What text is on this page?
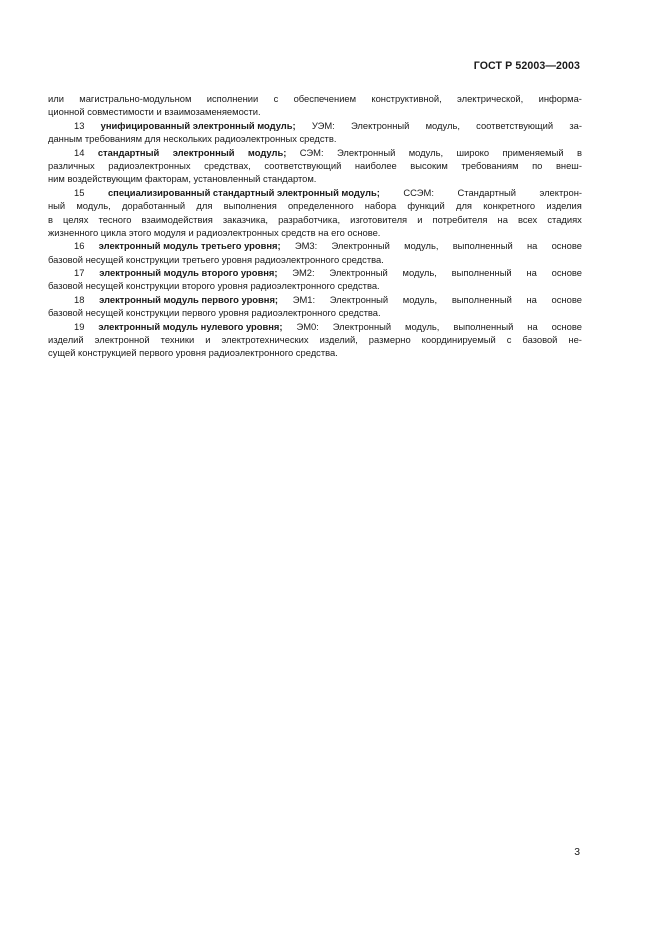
ГОСТ Р 52003—2003
или магистрально-модульном исполнении с обеспечением конструктивной, электрической, информа-
ционной совместимости и взаимозаменяемости.
13 унифицированный электронный модуль; УЭМ: Электронный модуль, соответствующий за-
данным требованиям для нескольких радиоэлектронных средств.
14 стандартный электронный модуль; СЭМ: Электронный модуль, широко применяемый в
различных радиоэлектронных средствах, соответствующий наиболее высоким требованиям по внеш-
ним воздействующим факторам, установленный стандартом.
15	специализированный стандартный электронный модуль;	ССЭМ:	Стандартный	электрон-
ный модуль, доработанный для выполнения определенного набора функций для конкретного изделия
в целях тесного взаимодействия заказчика, разработчика, изготовителя и потребителя на всех стадиях
жизненного цикла этого модуля и радиоэлектронных средств на его основе.
16 электронный модуль третьего уровня; ЭМ3: Электронный модуль, выполненный на основе
базовой несущей конструкции третьего уровня радиоэлектронного средства.
17 электронный модуль второго уровня; ЭМ2: Электронный модуль, выполненный на основе
базовой несущей конструкции второго уровня радиоэлектронного средства.
18 электронный модуль первого уровня; ЭМ1: Электронный модуль, выполненный на основе
базовой несущей конструкции первого уровня радиоэлектронного средства.
19 электронный модуль нулевого уровня; ЭМ0: Электронный модуль, выполненный на основе
изделий электронной техники и электротехнических изделий, размерно координируемый с базовой не-
сущей конструкцией первого уровня радиоэлектронного средства.
3
